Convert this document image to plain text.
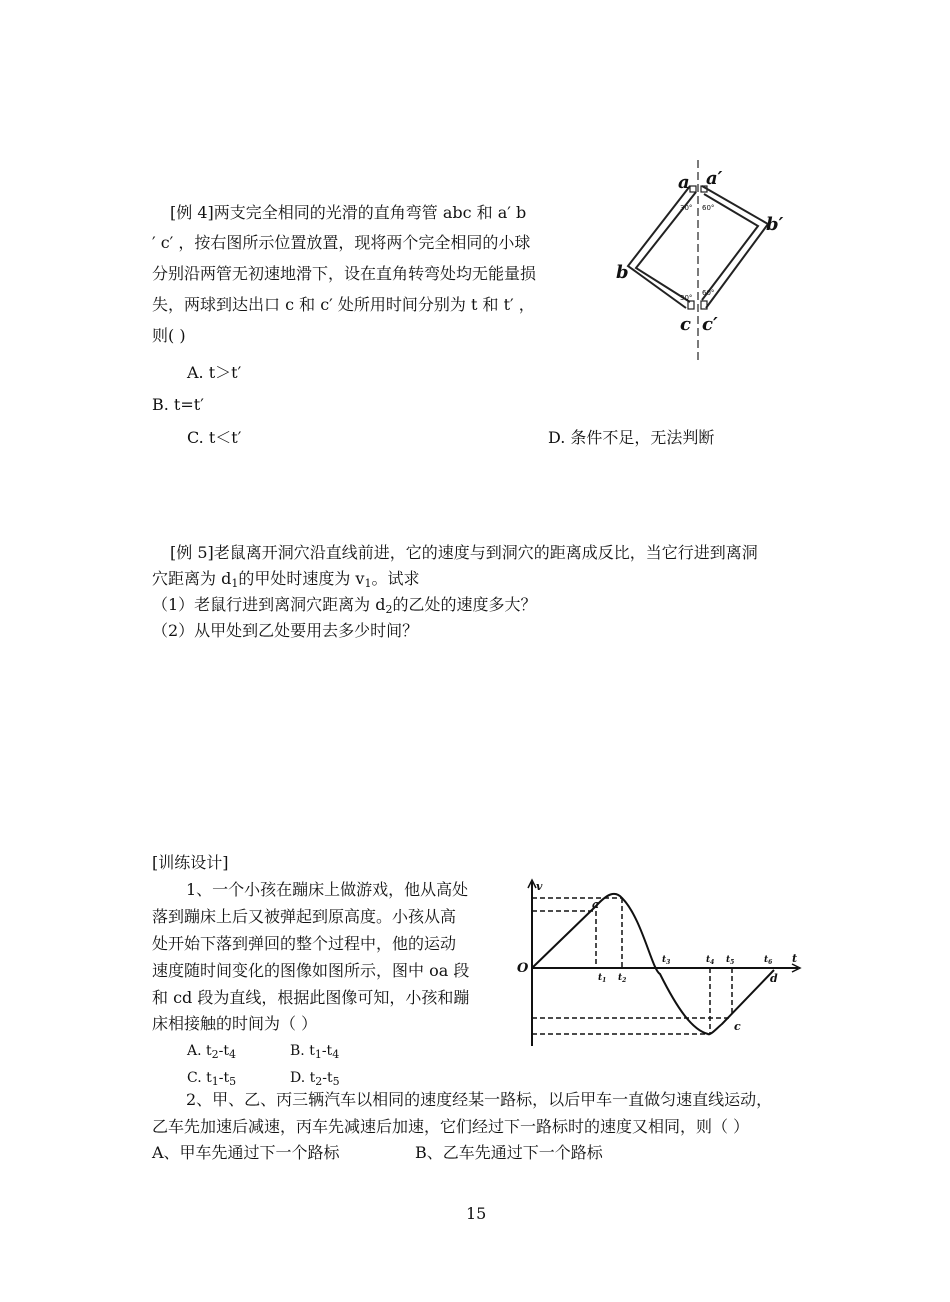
[例 4]两支完全相同的光滑的直角弯管 abc 和 a′ b
′ c′ ，按右图所示位置放置，现将两个完全相同的小球
分别沿两管无初速地滑下，设在直角转弯处均无能量损
失，两球到达出口 c 和 c′ 处所用时间分别为 t 和 t′ ，
则( )
A. t＞t′
B. t=t′
C. t＜t′	D. 条件不足，无法判断
a a′
b
b′
c c′
30° 60°
30°
60°
[例 5]老鼠离开洞穴沿直线前进，它的速度与到洞穴的距离成反比，当它行进到离洞
穴距离为 $d_1$的甲处时速度为 $v_1$。试求
（1）老鼠行进到离洞穴距离为 $d_2$的乙处的速度多大？
（2）从甲处到乙处要用去多少时间？
[训练设计]
1、一个小孩在蹦床上做游戏，他从高处
落到蹦床上后又被弹起到原高度。小孩从高
处开始下落到弹回的整个过程中，他的运动
速度随时间变化的图像如图所示，图中 oa 段
和 cd 段为直线，根据此图像可知，小孩和蹦
床相接触的时间为（ ）
A. $t_2-t_4$	B. $t_1-t_4$
C. $t_1-t_5$	D. $t_2-t_5$
v
t
O
a
c
d
$t_1$ $t_2$
$t_3$	$t_4$ $t_5$	$t_6$
2、甲、乙、丙三辆汽车以相同的速度经某一路标，以后甲车一直做匀速直线运动，
乙车先加速后减速，丙车先减速后加速，它们经过下一路标时的速度又相同，则（ ）
A、甲车先通过下一个路标	B、乙车先通过下一个路标
15
